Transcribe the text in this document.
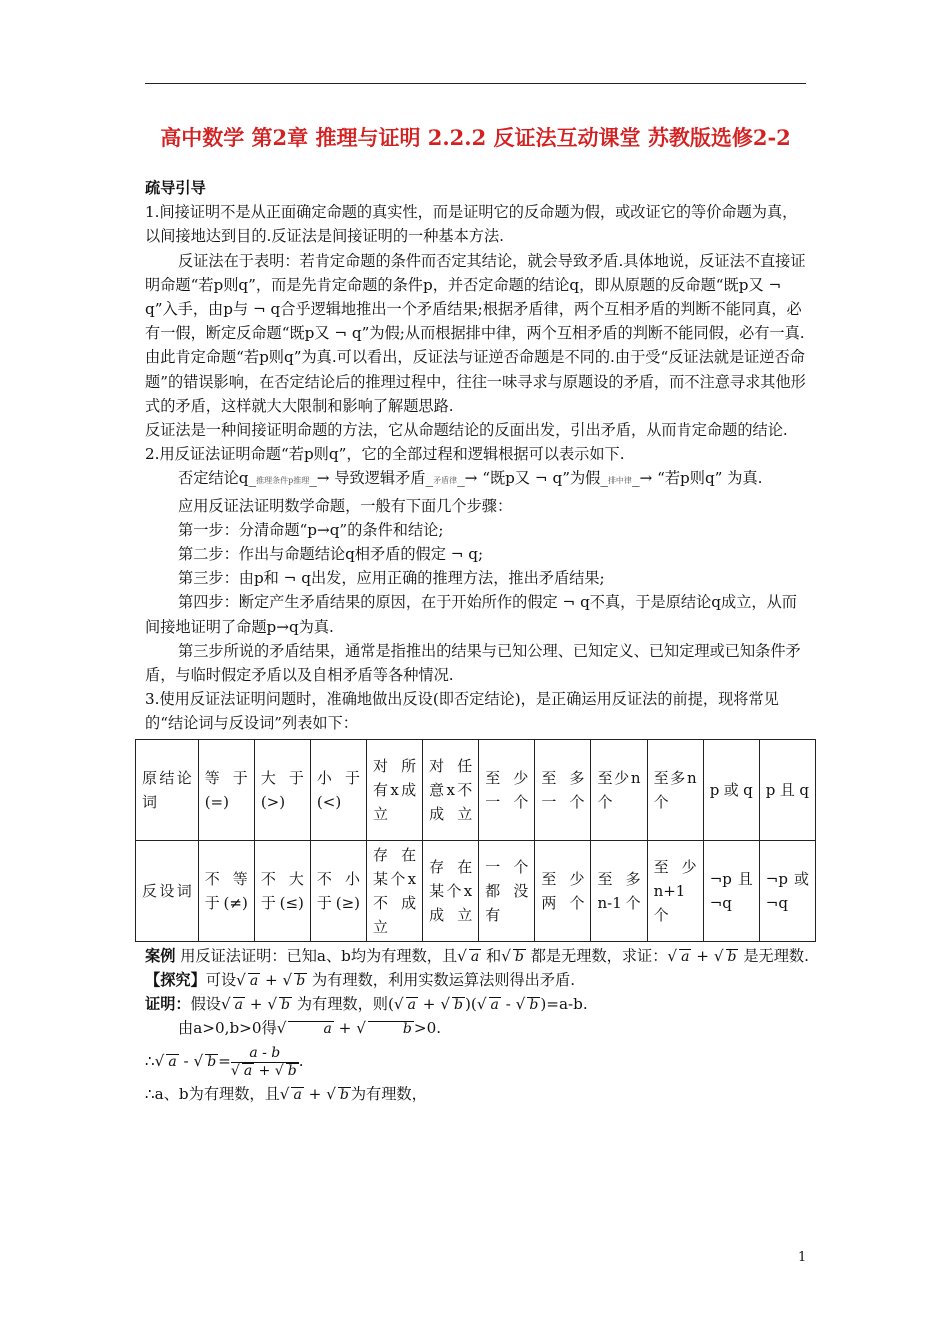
高中数学 第2章 推理与证明 2.2.2 反证法互动课堂 苏教版选修2-2

疏导引导

1.间接证明不是从正面确定命题的真实性，而是证明它的反命题为假，或改证它的等价命题为真，以间接地达到目的.反证法是间接证明的一种基本方法.

反证法在于表明：若肯定命题的条件而否定其结论，就会导致矛盾.具体地说，反证法不直接证明命题“若p则q”，而是先肯定命题的条件p，并否定命题的结论q，即从原题的反命题“既p又 ¬ q”入手，由p与 ¬ q合乎逻辑地推出一个矛盾结果;根据矛盾律，两个互相矛盾的判断不能同真，必有一假，断定反命题“既p又 ¬ q”为假;从而根据排中律，两个互相矛盾的判断不能同假，必有一真.由此肯定命题“若p则q”为真.可以看出，反证法与证逆否命题是不同的.由于受“反证法就是证逆否命题”的错误影响，在否定结论后的推理过程中，往往一味寻求与原题设的矛盾，而不注意寻求其他形式的矛盾，这样就大大限制和影响了解题思路.

反证法是一种间接证明命题的方法，它从命题结论的反面出发，引出矛盾，从而肯定命题的结论.

2.用反证法证明命题“若p则q”，它的全部过程和逻辑根据可以表示如下.

否定结论q_推理条件p推理_→ 导致逻辑矛盾_矛盾律_→ “既p又 ¬ q”为假_排中律_→ “若p则q” 为真.

应用反证法证明数学命题，一般有下面几个步骤：

第一步：分清命题“p→q”的条件和结论;

第二步：作出与命题结论q相矛盾的假定 ¬ q;

第三步：由p和 ¬ q出发，应用正确的推理方法，推出矛盾结果;

第四步：断定产生矛盾结果的原因，在于开始所作的假定 ¬ q不真，于是原结论q成立，从而间接地证明了命题p→q为真.

第三步所说的矛盾结果，通常是指推出的结果与已知公理、已知定义、已知定理或已知条件矛盾，与临时假定矛盾以及自相矛盾等各种情况.

3.使用反证法证明问题时，准确地做出反设(即否定结论)，是正确运用反证法的前提，现将常见的“结论词与反设词”列表如下：

原结论词	等于(=)	大于(>)	小于(<)	对所有x成立	对任意x不成立	至少一个	至多一个	至少n个	至多n个	p或q	p且q
反设词	不等于(≠)	不大于(≤)	不小于(≥)	存在某个x不成立	存在某个x成立	一个都没有	至少两个	至多n-1个	至少n+1个	¬p且¬q	¬p或¬q

案例 用反证法证明：已知a、b均为有理数，且√ a 和√ b 都是无理数，求证：√ a + √ b 是无理数.

【探究】可设√ a + √ b 为有理数，利用实数运算法则得出矛盾.

证明：假设√ a + √ b 为有理数，则(√ a + √ b )(√ a - √ b )=a-b.

由a>0,b>0得√	a + √	b >0.

∴√ a - √ $b = \frac{a - b}{√ a + √ b}$ .

∴a、b为有理数，且√ a + √ b 为有理数，

1
